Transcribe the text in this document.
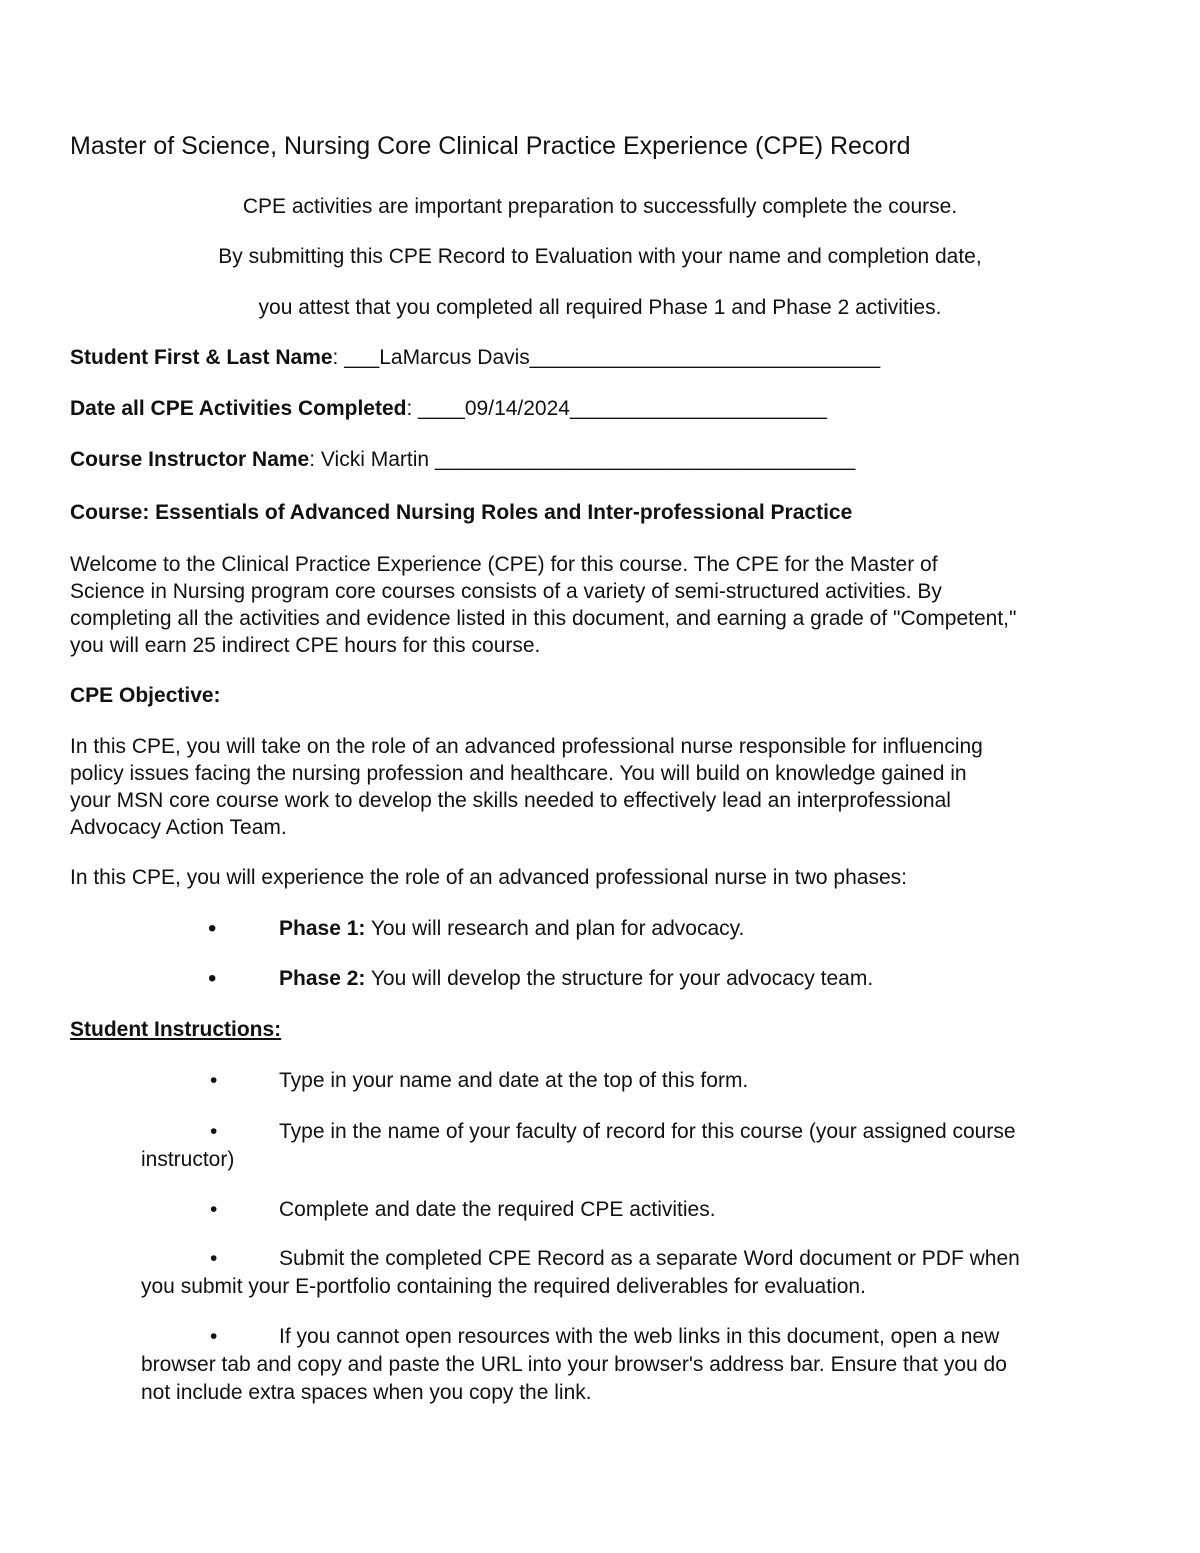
Master of Science, Nursing Core Clinical Practice Experience (CPE) Record

CPE activities are important preparation to successfully complete the course.

By submitting this CPE Record to Evaluation with your name and completion date,

you attest that you completed all required Phase 1 and Phase 2 activities.

Student First & Last Name: ___LaMarcus Davis______________________________

Date all CPE Activities Completed: ____09/14/2024______________________

Course Instructor Name: Vicki Martin ____________________________________

Course: Essentials of Advanced Nursing Roles and Inter-professional Practice

Welcome to the Clinical Practice Experience (CPE) for this course. The CPE for the Master of
Science in Nursing program core courses consists of a variety of semi-structured activities. By
completing all the activities and evidence listed in this document, and earning a grade of "Competent,"
you will earn 25 indirect CPE hours for this course.

CPE Objective:

In this CPE, you will take on the role of an advanced professional nurse responsible for influencing
policy issues facing the nursing profession and healthcare. You will build on knowledge gained in
your MSN core course work to develop the skills needed to effectively lead an interprofessional
Advocacy Action Team.

In this CPE, you will experience the role of an advanced professional nurse in two phases:

•	Phase 1: You will research and plan for advocacy.
•	Phase 2: You will develop the structure for your advocacy team.

Student Instructions:

•	Type in your name and date at the top of this form.
•	Type in the name of your faculty of record for this course (your assigned course
instructor)
•	Complete and date the required CPE activities.
•	Submit the completed CPE Record as a separate Word document or PDF when
you submit your E-portfolio containing the required deliverables for evaluation.
•	If you cannot open resources with the web links in this document, open a new
browser tab and copy and paste the URL into your browser's address bar. Ensure that you do
not include extra spaces when you copy the link.
